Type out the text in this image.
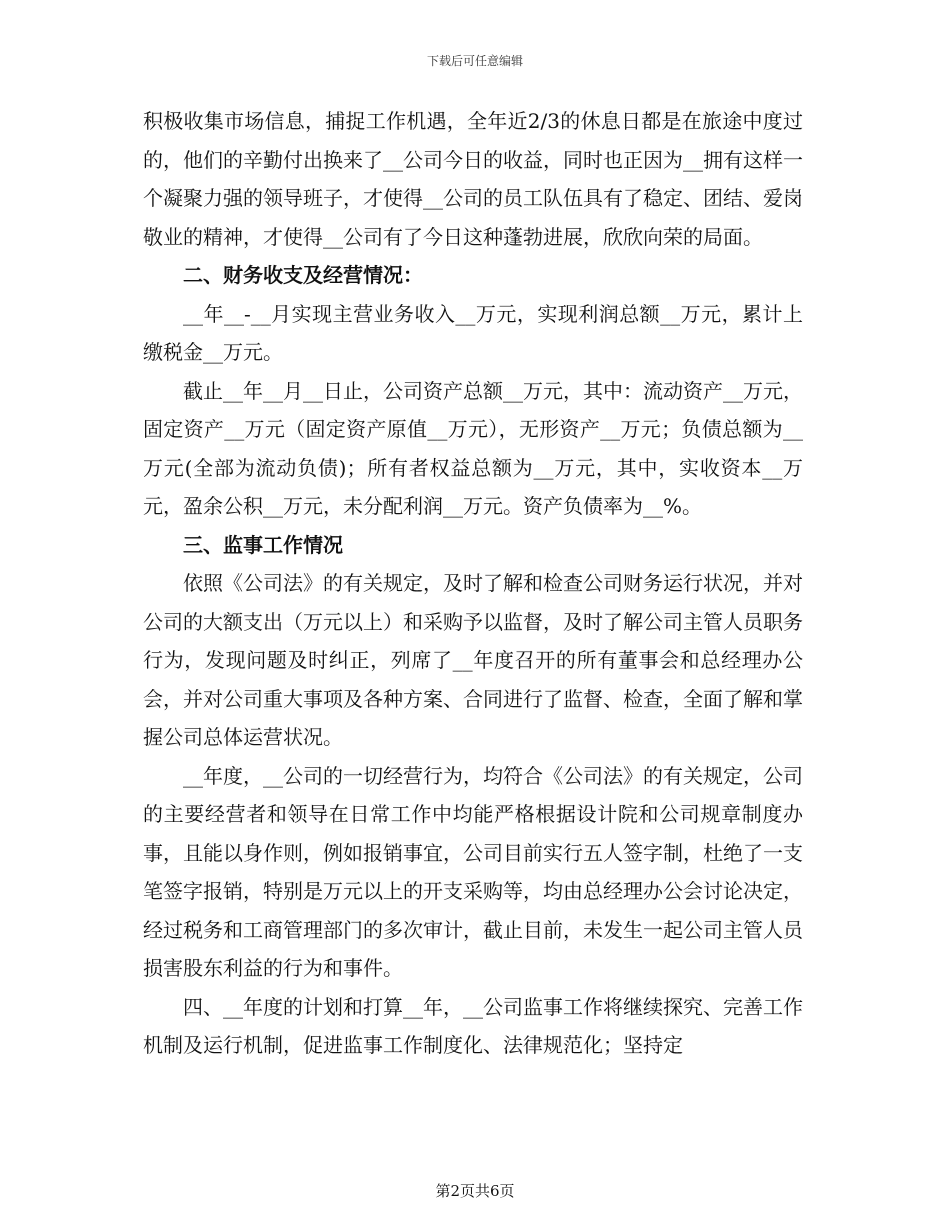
下载后可任意编辑

积极收集市场信息，捕捉工作机遇，全年近2/3的休息日都是在旅途中度过的，他们的辛勤付出换来了__公司今日的收益，同时也正因为__拥有这样一个凝聚力强的领导班子，才使得__公司的员工队伍具有了稳定、团结、爱岗敬业的精神，才使得__公司有了今日这种蓬勃进展，欣欣向荣的局面。

二、财务收支及经营情况：

__年__-__月实现主营业务收入__万元，实现利润总额__万元，累计上缴税金__万元。

截止__年__月__日止，公司资产总额__万元，其中：流动资产__万元，固定资产__万元（固定资产原值__万元），无形资产__万元；负债总额为__万元(全部为流动负债)；所有者权益总额为__万元，其中，实收资本__万元，盈余公积__万元，未分配利润__万元。资产负债率为__%。

三、监事工作情况

依照《公司法》的有关规定，及时了解和检查公司财务运行状况，并对公司的大额支出（万元以上）和采购予以监督，及时了解公司主管人员职务行为，发现问题及时纠正，列席了__年度召开的所有董事会和总经理办公会，并对公司重大事项及各种方案、合同进行了监督、检查，全面了解和掌握公司总体运营状况。

__年度，__公司的一切经营行为，均符合《公司法》的有关规定，公司的主要经营者和领导在日常工作中均能严格根据设计院和公司规章制度办事，且能以身作则，例如报销事宜，公司目前实行五人签字制，杜绝了一支笔签字报销，特别是万元以上的开支采购等，均由总经理办公会讨论决定，经过税务和工商管理部门的多次审计，截止目前，未发生一起公司主管人员损害股东利益的行为和事件。

四、__年度的计划和打算__年，__公司监事工作将继续探究、完善工作机制及运行机制，促进监事工作制度化、法律规范化；坚持定

第2页共6页
